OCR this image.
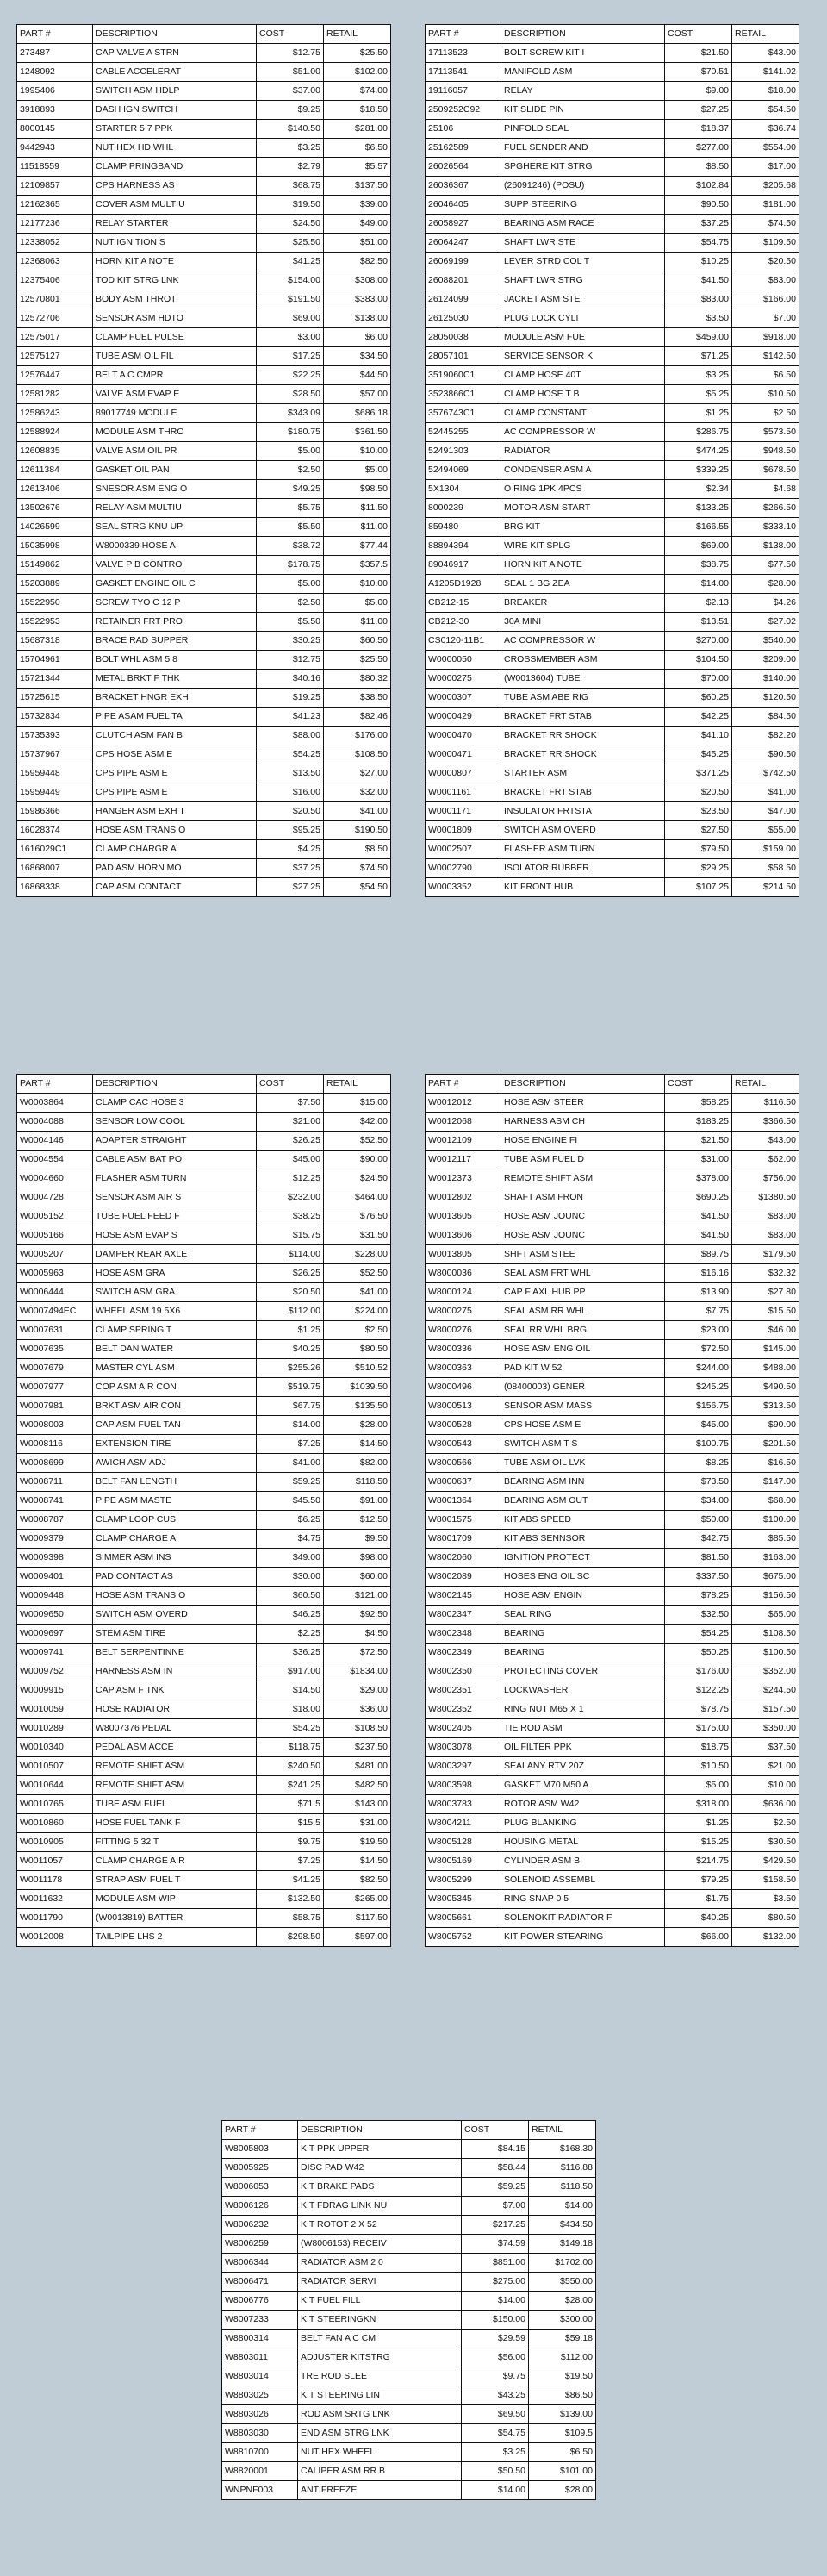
PART #	DESCRIPTION	COST	RETAIL
273487	CAP VALVE A STRN	$12.75	$25.50
1248092	CABLE ACCELERAT	$51.00	$102.00
1995406	SWITCH ASM HDLP	$37.00	$74.00
3918893	DASH IGN SWITCH	$9.25	$18.50
8000145	STARTER 5 7 PPK	$140.50	$281.00
9442943	NUT HEX HD WHL	$3.25	$6.50
11518559	CLAMP PRINGBAND	$2.79	$5.57
12109857	CPS HARNESS AS	$68.75	$137.50
12162365	COVER ASM MULTIU	$19.50	$39.00
12177236	RELAY STARTER	$24.50	$49.00
12338052	NUT IGNITION S	$25.50	$51.00
12368063	HORN KIT A NOTE	$41.25	$82.50
12375406	TOD KIT STRG LNK	$154.00	$308.00
12570801	BODY ASM THROT	$191.50	$383.00
12572706	SENSOR ASM HDTO	$69.00	$138.00
12575017	CLAMP FUEL PULSE	$3.00	$6.00
12575127	TUBE ASM OIL FIL	$17.25	$34.50
12576447	BELT A C CMPR	$22.25	$44.50
12581282	VALVE ASM EVAP E	$28.50	$57.00
12586243	89017749 MODULE	$343.09	$686.18
12588924	MODULE ASM THRO	$180.75	$361.50
12608835	VALVE ASM OIL PR	$5.00	$10.00
12611384	GASKET OIL PAN	$2.50	$5.00
12613406	SNESOR ASM ENG O	$49.25	$98.50
13502676	RELAY ASM MULTIU	$5.75	$11.50
14026599	SEAL STRG KNU UP	$5.50	$11.00
15035998	W8000339 HOSE A	$38.72	$77.44
15149862	VALVE P B CONTRO	$178.75	$357.5
15203889	GASKET ENGINE OIL C	$5.00	$10.00
15522950	SCREW TYO C 12 P	$2.50	$5.00
15522953	RETAINER FRT PRO	$5.50	$11.00
15687318	BRACE RAD SUPPER	$30.25	$60.50
15704961	BOLT WHL ASM 5 8	$12.75	$25.50
15721344	METAL BRKT F THK	$40.16	$80.32
15725615	BRACKET HNGR EXH	$19.25	$38.50
15732834	PIPE ASAM FUEL TA	$41.23	$82.46
15735393	CLUTCH ASM FAN B	$88.00	$176.00
15737967	CPS HOSE ASM E	$54.25	$108.50
15959448	CPS PIPE ASM E	$13.50	$27.00
15959449	CPS PIPE ASM E	$16.00	$32.00
15986366	HANGER ASM EXH T	$20.50	$41.00
16028374	HOSE ASM TRANS O	$95.25	$190.50
1616029C1	CLAMP CHARGR A	$4.25	$8.50
16868007	PAD ASM HORN MO	$37.25	$74.50
16868338	CAP ASM CONTACT	$27.25	$54.50
PART #	DESCRIPTION	COST	RETAIL
17113523	BOLT SCREW KIT I	$21.50	$43.00
17113541	MANIFOLD ASM	$70.51	$141.02
19116057	RELAY	$9.00	$18.00
2509252C92	KIT SLIDE PIN	$27.25	$54.50
25106	PINFOLD SEAL	$18.37	$36.74
25162589	FUEL SENDER AND	$277.00	$554.00
26026564	SPGHERE KIT STRG	$8.50	$17.00
26036367	(26091246) (POSU)	$102.84	$205.68
26046405	SUPP STEERING	$90.50	$181.00
26058927	BEARING ASM RACE	$37.25	$74.50
26064247	SHAFT LWR STE	$54.75	$109.50
26069199	LEVER STRD COL T	$10.25	$20.50
26088201	SHAFT LWR STRG	$41.50	$83.00
26124099	JACKET ASM STE	$83.00	$166.00
26125030	PLUG LOCK CYLI	$3.50	$7.00
28050038	MODULE ASM FUE	$459.00	$918.00
28057101	SERVICE SENSOR K	$71.25	$142.50
3519060C1	CLAMP HOSE 40T	$3.25	$6.50
3523866C1	CLAMP HOSE T B	$5.25	$10.50
3576743C1	CLAMP CONSTANT	$1.25	$2.50
52445255	AC COMPRESSOR W	$286.75	$573.50
52491303	RADIATOR	$474.25	$948.50
52494069	CONDENSER ASM A	$339.25	$678.50
5X1304	O RING 1PK 4PCS	$2.34	$4.68
8000239	MOTOR ASM START	$133.25	$266.50
859480	BRG KIT	$166.55	$333.10
88894394	WIRE KIT SPLG	$69.00	$138.00
89046917	HORN KIT A NOTE	$38.75	$77.50
A1205D1928	SEAL 1 BG ZEA	$14.00	$28.00
CB212-15	BREAKER	$2.13	$4.26
CB212-30	30A MINI	$13.51	$27.02
CS0120-11B1	AC COMPRESSOR W	$270.00	$540.00
W0000050	CROSSMEMBER ASM	$104.50	$209.00
W0000275	(W0013604) TUBE	$70.00	$140.00
W0000307	TUBE ASM ABE RIG	$60.25	$120.50
W0000429	BRACKET FRT STAB	$42.25	$84.50
W0000470	BRACKET RR SHOCK	$41.10	$82.20
W0000471	BRACKET RR SHOCK	$45.25	$90.50
W0000807	STARTER ASM	$371.25	$742.50
W0001161	BRACKET FRT STAB	$20.50	$41.00
W0001171	INSULATOR FRTSTA	$23.50	$47.00
W0001809	SWITCH ASM OVERD	$27.50	$55.00
W0002507	FLASHER ASM TURN	$79.50	$159.00
W0002790	ISOLATOR RUBBER	$29.25	$58.50
W0003352	KIT FRONT HUB	$107.25	$214.50
PART #	DESCRIPTION	COST	RETAIL
W0003864	CLAMP CAC HOSE 3	$7.50	$15.00
W0004088	SENSOR LOW COOL	$21.00	$42.00
W0004146	ADAPTER STRAIGHT	$26.25	$52.50
W0004554	CABLE ASM BAT PO	$45.00	$90.00
W0004660	FLASHER ASM TURN	$12.25	$24.50
W0004728	SENSOR ASM AIR S	$232.00	$464.00
W0005152	TUBE FUEL FEED F	$38.25	$76.50
W0005166	HOSE ASM EVAP S	$15.75	$31.50
W0005207	DAMPER REAR AXLE	$114.00	$228.00
W0005963	HOSE ASM GRA	$26.25	$52.50
W0006444	SWITCH ASM GRA	$20.50	$41.00
W0007494EC	WHEEL ASM 19 5X6	$112.00	$224.00
W0007631	CLAMP SPRING T	$1.25	$2.50
W0007635	BELT DAN WATER	$40.25	$80.50
W0007679	MASTER CYL ASM	$255.26	$510.52
W0007977	COP ASM AIR CON	$519.75	$1039.50
W0007981	BRKT ASM AIR CON	$67.75	$135.50
W0008003	CAP ASM FUEL TAN	$14.00	$28.00
W0008116	EXTENSION TIRE	$7.25	$14.50
W0008699	AWICH ASM ADJ	$41.00	$82.00
W0008711	BELT FAN LENGTH	$59.25	$118.50
W0008741	PIPE ASM MASTE	$45.50	$91.00
W0008787	CLAMP LOOP CUS	$6.25	$12.50
W0009379	CLAMP CHARGE A	$4.75	$9.50
W0009398	SIMMER ASM INS	$49.00	$98.00
W0009401	PAD CONTACT AS	$30.00	$60.00
W0009448	HOSE ASM TRANS O	$60.50	$121.00
W0009650	SWITCH ASM OVERD	$46.25	$92.50
W0009697	STEM ASM TIRE	$2.25	$4.50
W0009741	BELT SERPENTINNE	$36.25	$72.50
W0009752	HARNESS ASM IN	$917.00	$1834.00
W0009915	CAP ASM F TNK	$14.50	$29.00
W0010059	HOSE RADIATOR	$18.00	$36.00
W0010289	W8007376 PEDAL	$54.25	$108.50
W0010340	PEDAL ASM ACCE	$118.75	$237.50
W0010507	REMOTE SHIFT ASM	$240.50	$481.00
W0010644	REMOTE SHIFT ASM	$241.25	$482.50
W0010765	TUBE ASM FUEL	$71.5	$143.00
W0010860	HOSE FUEL TANK F	$15.5	$31.00
W0010905	FITTING 5 32 T	$9.75	$19.50
W0011057	CLAMP CHARGE AIR	$7.25	$14.50
W0011178	STRAP ASM FUEL T	$41.25	$82.50
W0011632	MODULE ASM WIP	$132.50	$265.00
W0011790	(W0013819) BATTER	$58.75	$117.50
W0012008	TAILPIPE LHS 2	$298.50	$597.00
PART #	DESCRIPTION	COST	RETAIL
W0012012	HOSE ASM STEER	$58.25	$116.50
W0012068	HARNESS ASM CH	$183.25	$366.50
W0012109	HOSE ENGINE FI	$21.50	$43.00
W0012117	TUBE ASM FUEL D	$31.00	$62.00
W0012373	REMOTE SHIFT ASM	$378.00	$756.00
W0012802	SHAFT ASM FRON	$690.25	$1380.50
W0013605	HOSE ASM JOUNC	$41.50	$83.00
W0013606	HOSE ASM JOUNC	$41.50	$83.00
W0013805	SHFT ASM STEE	$89.75	$179.50
W8000036	SEAL ASM FRT WHL	$16.16	$32.32
W8000124	CAP F AXL HUB PP	$13.90	$27.80
W8000275	SEAL ASM RR WHL	$7.75	$15.50
W8000276	SEAL RR WHL BRG	$23.00	$46.00
W8000336	HOSE ASM ENG OIL	$72.50	$145.00
W8000363	PAD KIT W 52	$244.00	$488.00
W8000496	(08400003) GENER	$245.25	$490.50
W8000513	SENSOR ASM MASS	$156.75	$313.50
W8000528	CPS HOSE ASM E	$45.00	$90.00
W8000543	SWITCH ASM T S	$100.75	$201.50
W8000566	TUBE ASM OIL LVK	$8.25	$16.50
W8000637	BEARING ASM INN	$73.50	$147.00
W8001364	BEARING ASM OUT	$34.00	$68.00
W8001575	KIT ABS SPEED	$50.00	$100.00
W8001709	KIT ABS SENNSOR	$42.75	$85.50
W8002060	IGNITION PROTECT	$81.50	$163.00
W8002089	HOSES ENG OIL SC	$337.50	$675.00
W8002145	HOSE ASM ENGIN	$78.25	$156.50
W8002347	SEAL RING	$32.50	$65.00
W8002348	BEARING	$54.25	$108.50
W8002349	BEARING	$50.25	$100.50
W8002350	PROTECTING COVER	$176.00	$352.00
W8002351	LOCKWASHER	$122.25	$244.50
W8002352	RING NUT M65 X 1	$78.75	$157.50
W8002405	TIE ROD ASM	$175.00	$350.00
W8003078	OIL FILTER PPK	$18.75	$37.50
W8003297	SEALANY RTV 20Z	$10.50	$21.00
W8003598	GASKET M70 M50 A	$5.00	$10.00
W8003783	ROTOR ASM W42	$318.00	$636.00
W8004211	PLUG BLANKING	$1.25	$2.50
W8005128	HOUSING METAL	$15.25	$30.50
W8005169	CYLINDER ASM B	$214.75	$429.50
W8005299	SOLENOID ASSEMBL	$79.25	$158.50
W8005345	RING SNAP 0 5	$1.75	$3.50
W8005661	SOLENOKIT RADIATOR F	$40.25	$80.50
W8005752	KIT POWER STEARING	$66.00	$132.00
PART #	DESCRIPTION	COST	RETAIL
W8005803	KIT PPK UPPER	$84.15	$168.30
W8005925	DISC PAD W42	$58.44	$116.88
W8006053	KIT BRAKE PADS	$59.25	$118.50
W8006126	KIT FDRAG LINK NU	$7.00	$14.00
W8006232	KIT ROTOT 2 X 52	$217.25	$434.50
W8006259	(W8006153) RECEIV	$74.59	$149.18
W8006344	RADIATOR ASM 2 0	$851.00	$1702.00
W8006471	RADIATOR SERVI	$275.00	$550.00
W8006776	KIT FUEL FILL	$14.00	$28.00
W8007233	KIT STEERINGKN	$150.00	$300.00
W8800314	BELT FAN A C CM	$29.59	$59.18
W8803011	ADJUSTER KITSTRG	$56.00	$112.00
W8803014	TRE ROD SLEE	$9.75	$19.50
W8803025	KIT STEERING LIN	$43.25	$86.50
W8803026	ROD ASM SRTG LNK	$69.50	$139.00
W8803030	END ASM STRG LNK	$54.75	$109.5
W8810700	NUT HEX WHEEL	$3.25	$6.50
W8820001	CALIPER ASM RR B	$50.50	$101.00
WNPNF003	ANTIFREEZE	$14.00	$28.00
